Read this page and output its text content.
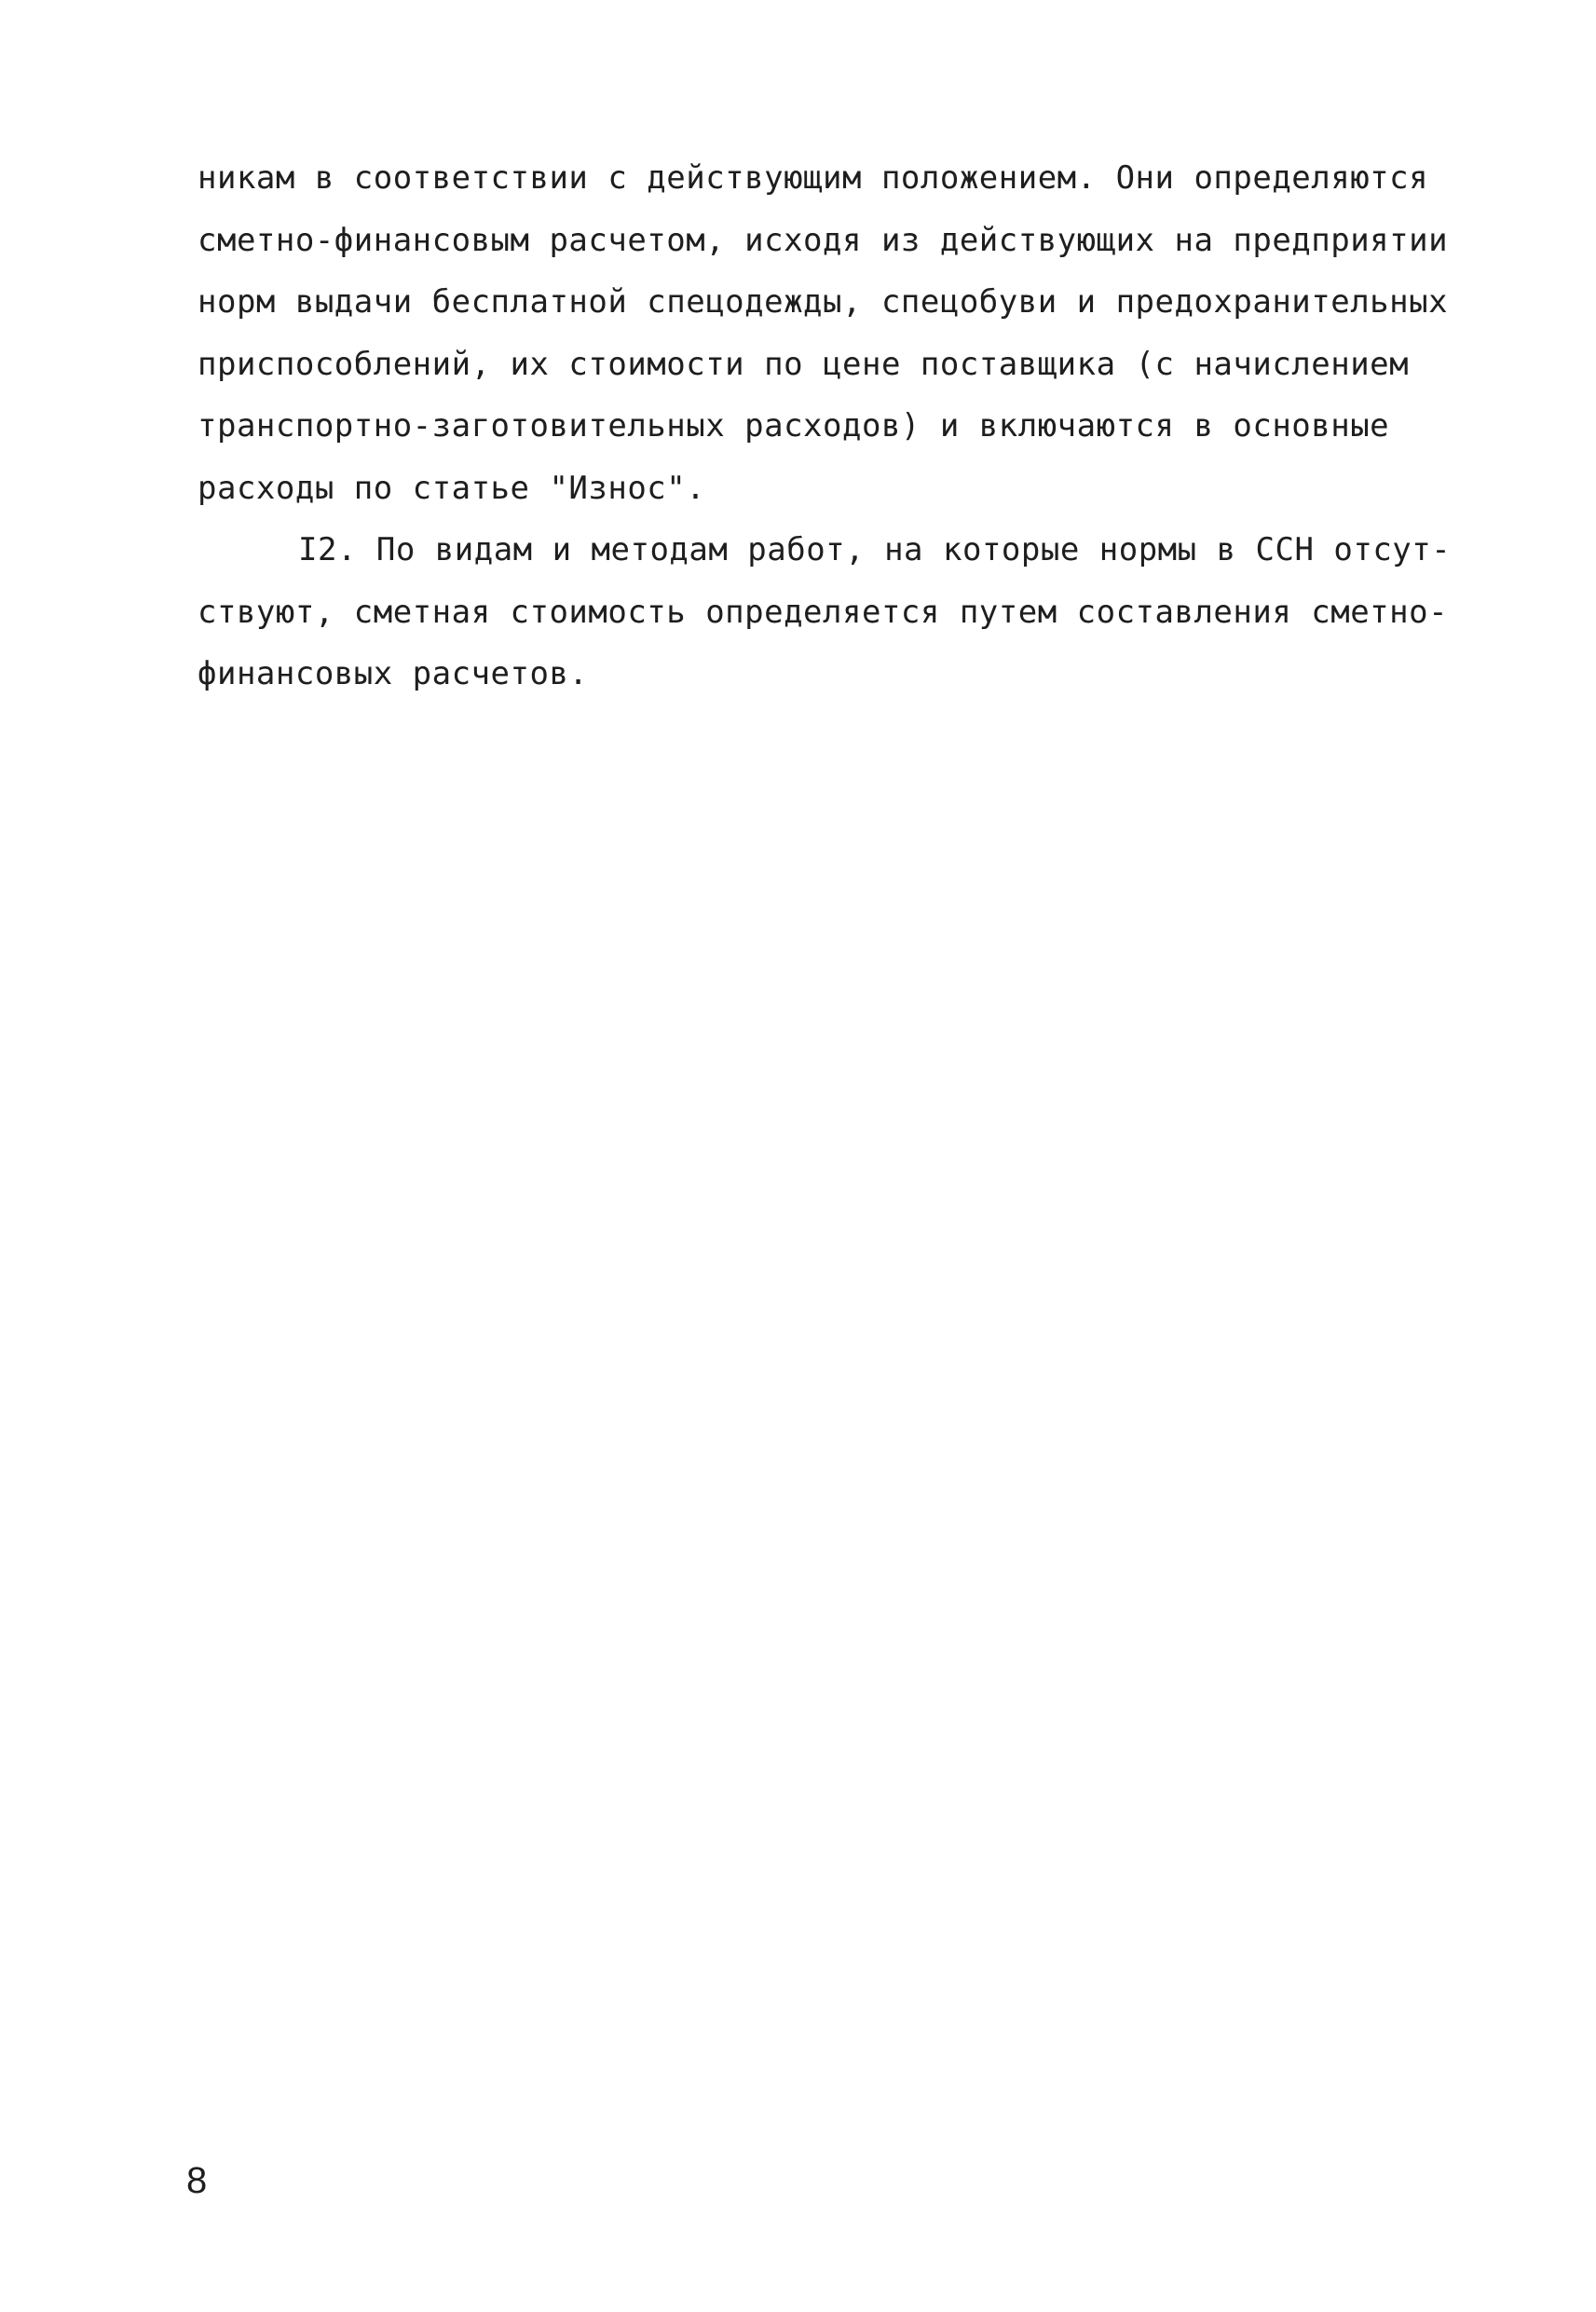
никам в соответствии с действующим положением. Они определяются
сметно-финансовым расчетом, исходя из действующих на предприятии
норм выдачи бесплатной спецодежды, спецобуви и предохранительных
приспособлений, их стоимости по цене поставщика (с начислением
транспортно-заготовительных расходов) и включаются в основные
расходы по статье "Износ".
I2. По видам и методам работ, на которые нормы в ССН отсут-
ствуют, сметная стоимость определяется путем составления сметно-
финансовых расчетов.
8
